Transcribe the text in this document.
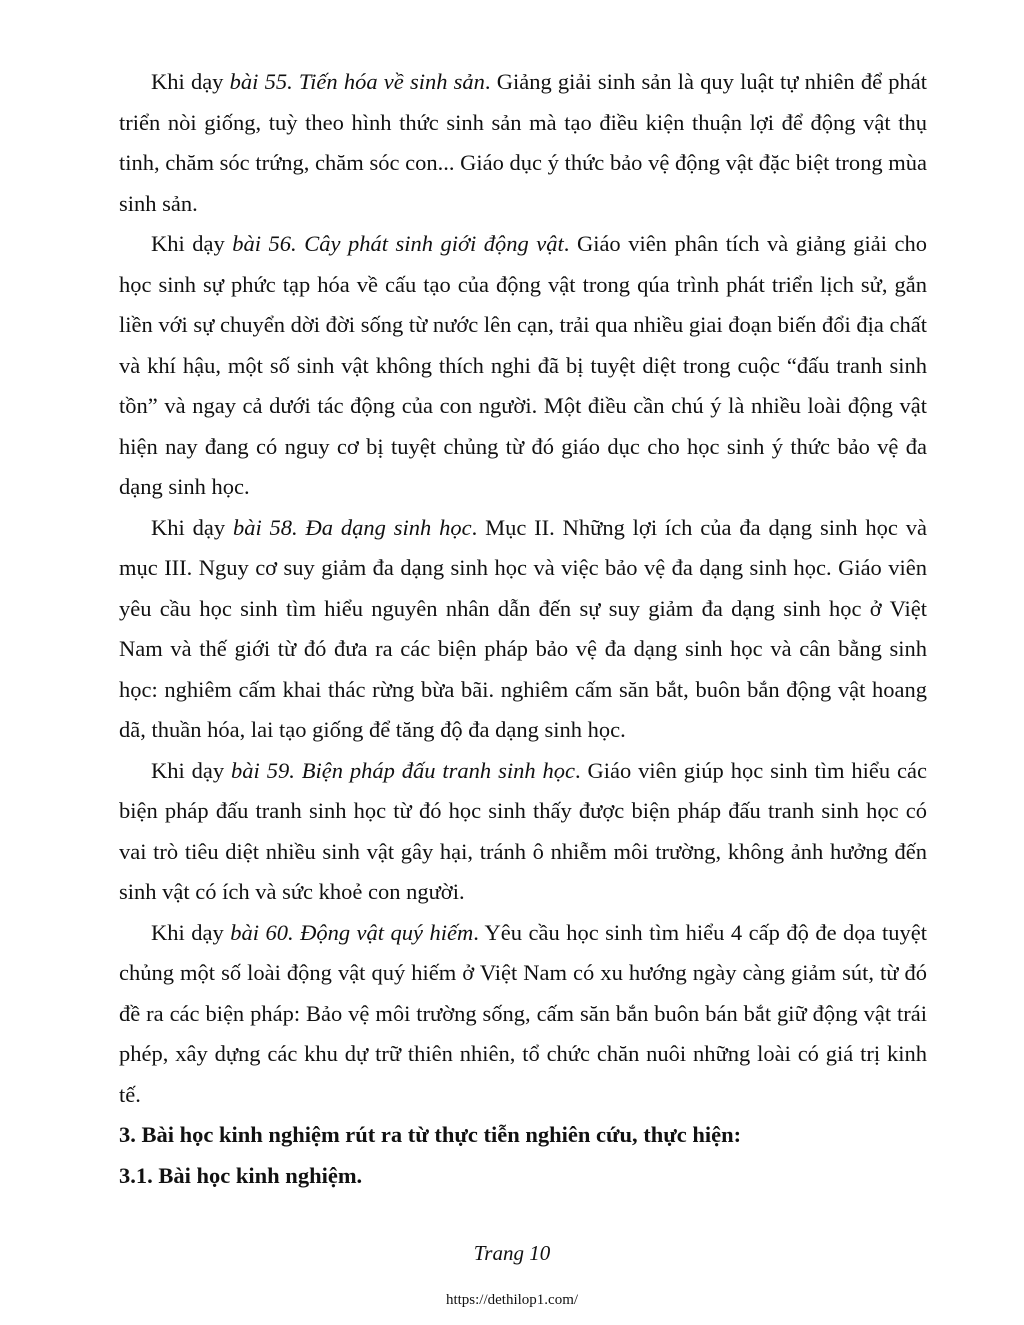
Khi dạy bài 55. Tiến hóa về sinh sản. Giảng giải sinh sản là quy luật tự nhiên để phát triển nòi giống, tuỳ theo hình thức sinh sản mà tạo điều kiện thuận lợi để động vật thụ tinh, chăm sóc trứng, chăm sóc con... Giáo dục ý thức bảo vệ động vật đặc biệt trong mùa sinh sản.

Khi dạy bài 56. Cây phát sinh giới động vật. Giáo viên phân tích và giảng giải cho học sinh sự phức tạp hóa về cấu tạo của động vật trong qúa trình phát triển lịch sử, gắn liền với sự chuyển dời đời sống từ nước lên cạn, trải qua nhiều giai đoạn biến đổi địa chất và khí hậu, một số sinh vật không thích nghi đã bị tuyệt diệt trong cuộc “đấu tranh sinh tồn” và ngay cả dưới tác động của con người. Một điều cần chú ý là nhiều loài động vật hiện nay đang có nguy cơ bị tuyệt chủng từ đó giáo dục cho học sinh ý thức bảo vệ đa dạng sinh học.

Khi dạy bài 58. Đa dạng sinh học. Mục II. Những lợi ích của đa dạng sinh học và mục III. Nguy cơ suy giảm đa dạng sinh học và việc bảo vệ đa dạng sinh học. Giáo viên yêu cầu học sinh tìm hiểu nguyên nhân dẫn đến sự suy giảm đa dạng sinh học ở Việt Nam và thế giới từ đó đưa ra các biện pháp bảo vệ đa dạng sinh học và cân bằng sinh học: nghiêm cấm khai thác rừng bừa bãi. nghiêm cấm săn bắt, buôn bắn động vật hoang dã, thuần hóa, lai tạo giống để tăng độ đa dạng sinh học.

Khi dạy bài 59. Biện pháp đấu tranh sinh học. Giáo viên giúp học sinh tìm hiểu các biện pháp đấu tranh sinh học từ đó học sinh thấy được biện pháp đấu tranh sinh học có vai trò tiêu diệt nhiều sinh vật gây hại, tránh ô nhiễm môi trường, không ảnh hưởng đến sinh vật có ích và sức khoẻ con người.

Khi dạy bài 60. Động vật quý hiếm. Yêu cầu học sinh tìm hiểu 4 cấp độ đe dọa tuyệt chủng một số loài động vật quý hiếm ở Việt Nam có xu hướng ngày càng giảm sút, từ đó đề ra các biện pháp: Bảo vệ môi trường sống, cấm săn bắn buôn bán bắt giữ động vật trái phép, xây dựng các khu dự trữ thiên nhiên, tổ chức chăn nuôi những loài có giá trị kinh tế.

3. Bài học kinh nghiệm rút ra từ thực tiễn nghiên cứu, thực hiện:

3.1. Bài học kinh nghiệm.

Trang 10
https://dethilop1.com/
